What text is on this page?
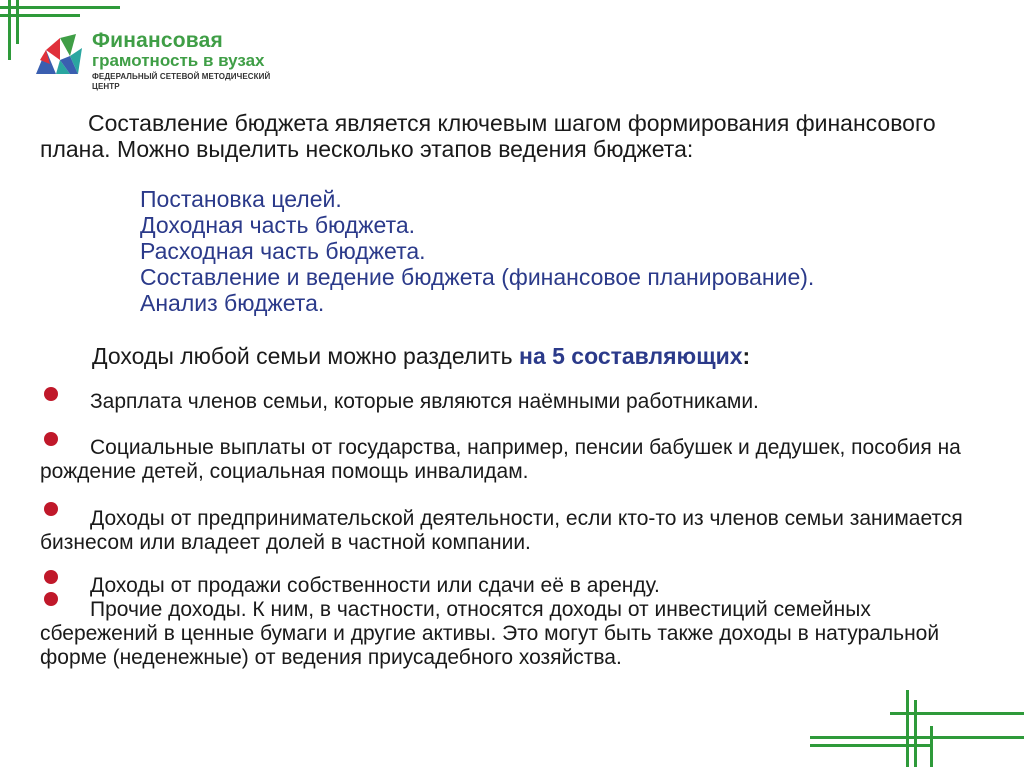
Финансовая
грамотность в вузах
ФЕДЕРАЛЬНЫЙ СЕТЕВОЙ МЕТОДИЧЕСКИЙ ЦЕНТР
Составление бюджета является ключевым шагом формирования финансового плана. Можно выделить несколько этапов ведения бюджета:
Постановка целей.
Доходная часть бюджета.
Расходная часть бюджета.
Составление и ведение бюджета (финансовое планирование).
Анализ бюджета.
Доходы любой семьи можно разделить на 5 составляющих:
Зарплата членов семьи, которые являются наёмными работниками.
Социальные выплаты от государства, например, пенсии бабушек и дедушек, пособия на рождение детей, социальная помощь инвалидам.
Доходы от предпринимательской деятельности, если кто-то из членов семьи занимается бизнесом или владеет долей в частной компании.
Доходы от продажи собственности или сдачи её в аренду.
Прочие доходы. К ним, в частности, относятся доходы от инвестиций семейных сбережений в ценные бумаги и другие активы. Это могут быть также доходы в натуральной форме (неденежные) от ведения приусадебного хозяйства.
